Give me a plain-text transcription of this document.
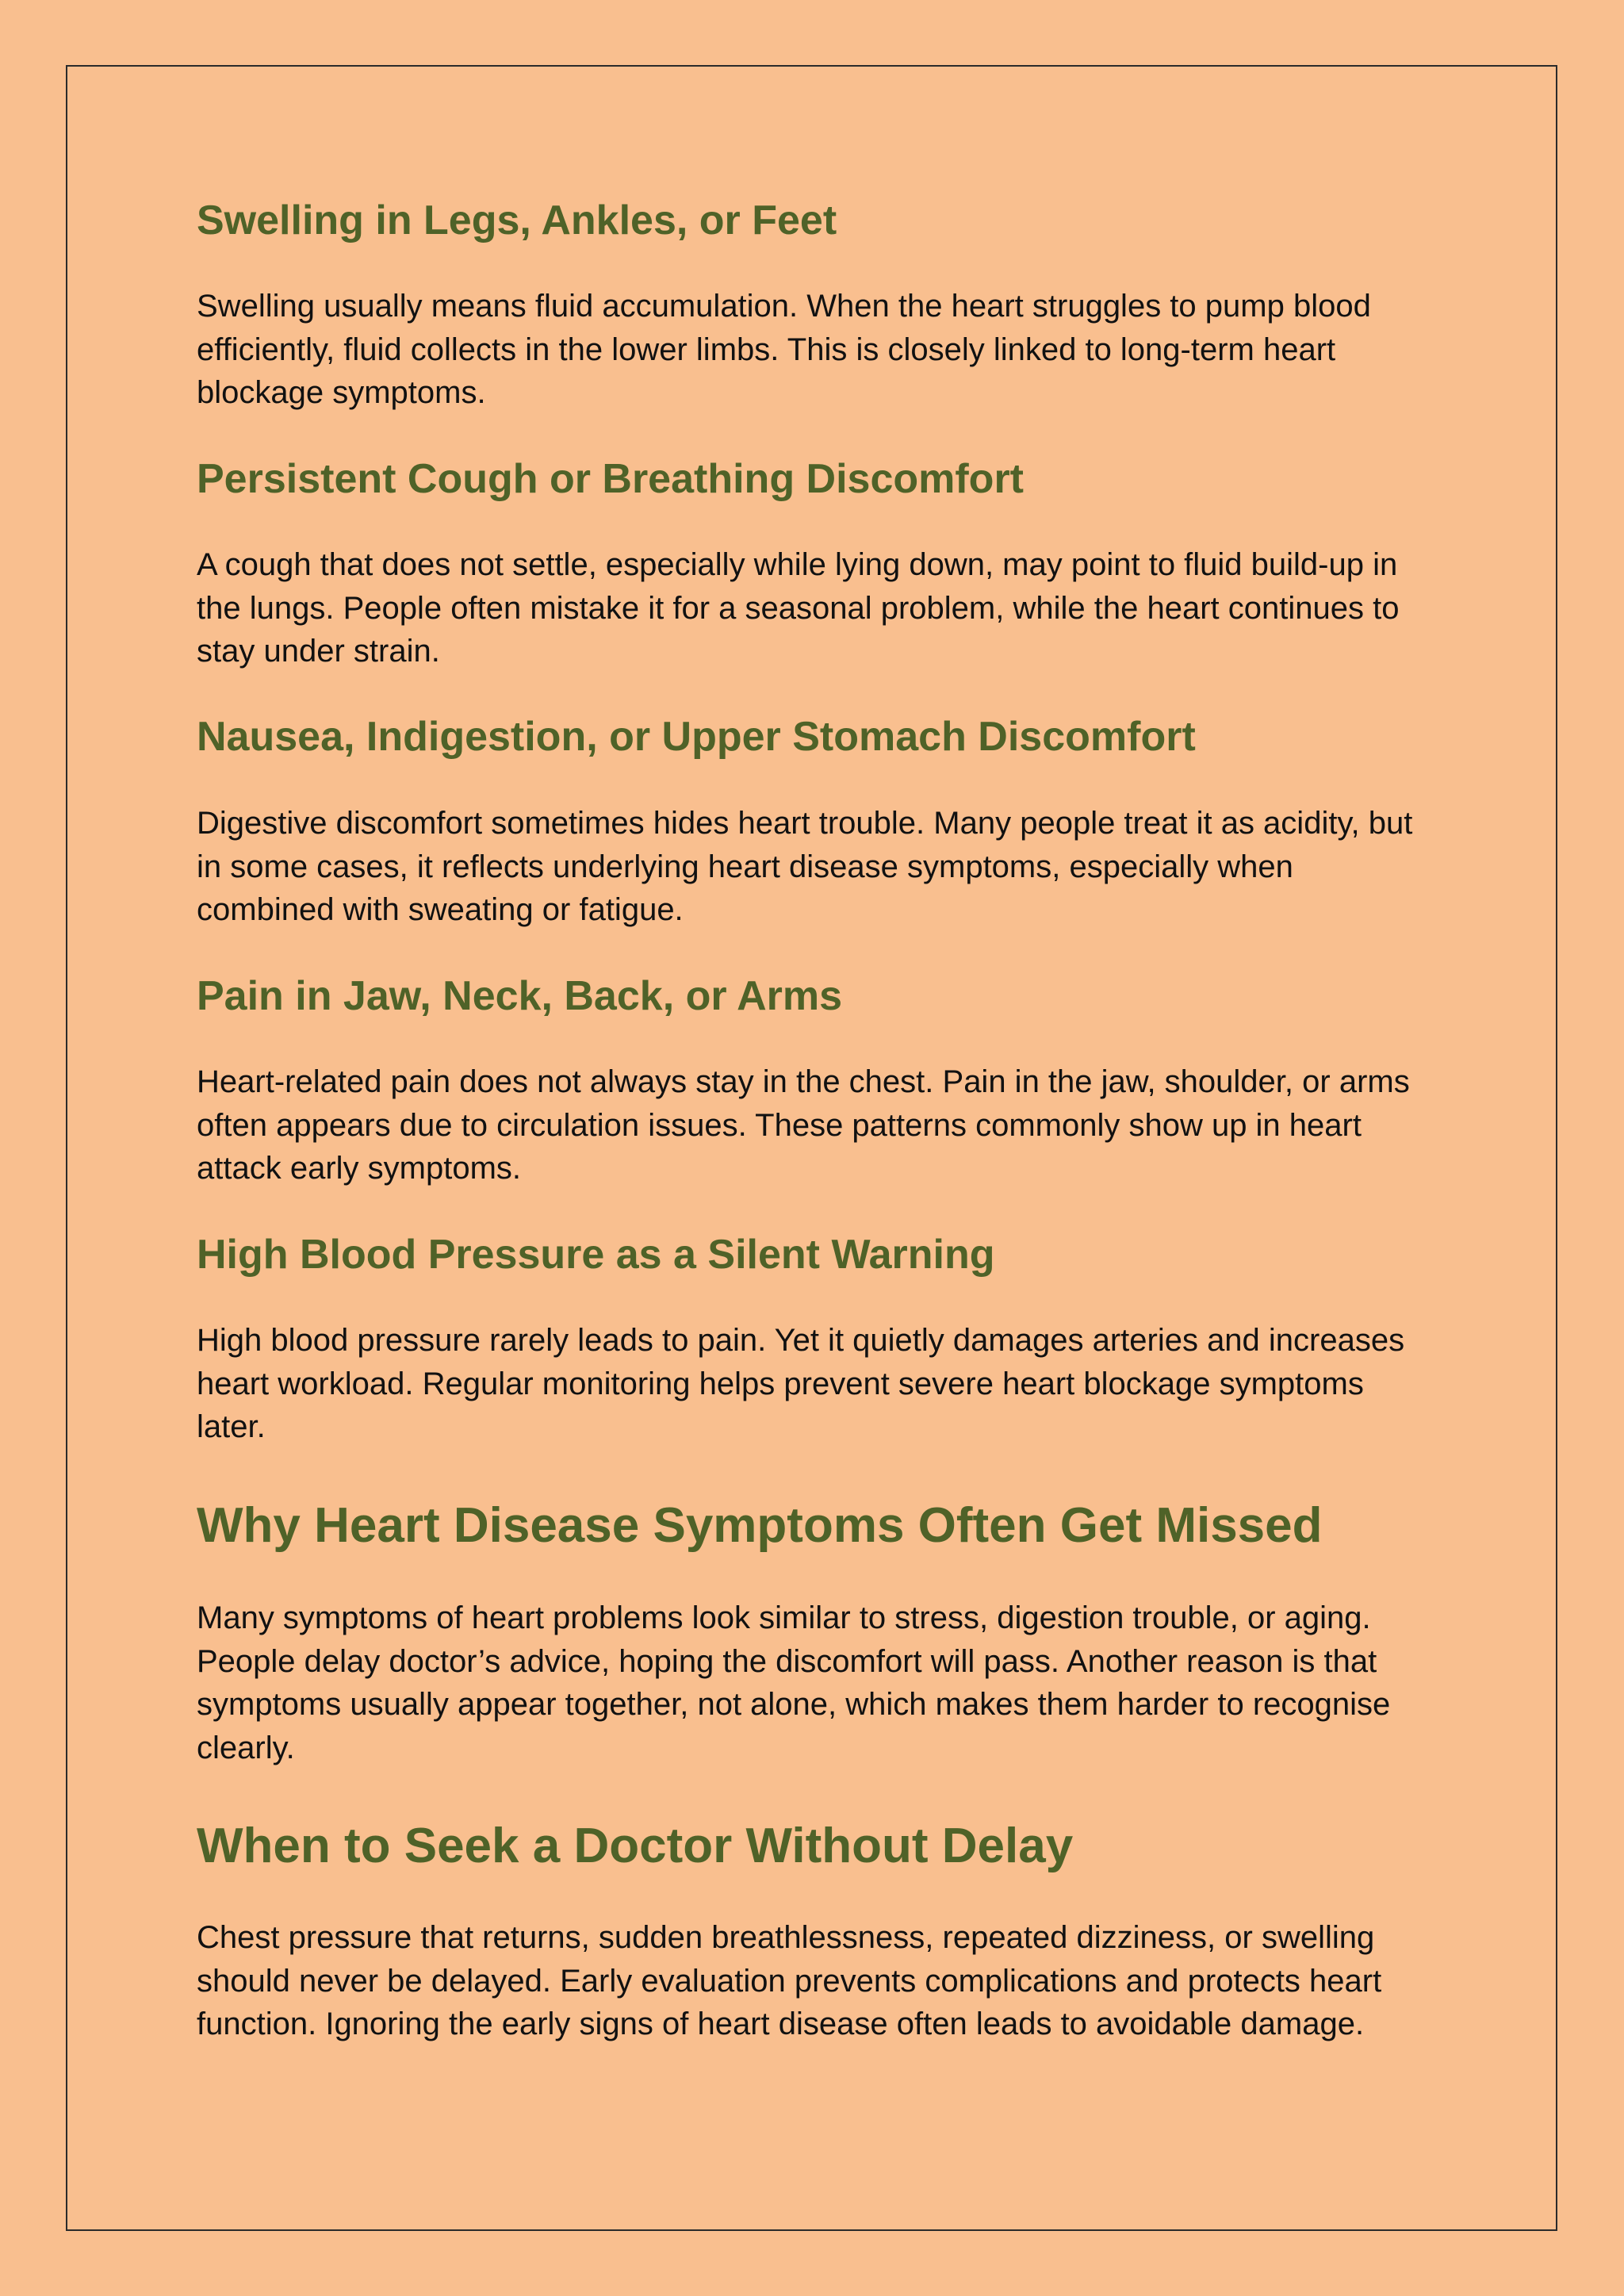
Swelling in Legs, Ankles, or Feet

Swelling usually means fluid accumulation. When the heart struggles to pump blood efficiently, fluid collects in the lower limbs. This is closely linked to long-term heart blockage symptoms.

Persistent Cough or Breathing Discomfort

A cough that does not settle, especially while lying down, may point to fluid build-up in the lungs. People often mistake it for a seasonal problem, while the heart continues to stay under strain.

Nausea, Indigestion, or Upper Stomach Discomfort

Digestive discomfort sometimes hides heart trouble. Many people treat it as acidity, but in some cases, it reflects underlying heart disease symptoms, especially when combined with sweating or fatigue.

Pain in Jaw, Neck, Back, or Arms

Heart-related pain does not always stay in the chest. Pain in the jaw, shoulder, or arms often appears due to circulation issues. These patterns commonly show up in heart attack early symptoms.

High Blood Pressure as a Silent Warning

High blood pressure rarely leads to pain. Yet it quietly damages arteries and increases heart workload. Regular monitoring helps prevent severe heart blockage symptoms later.

Why Heart Disease Symptoms Often Get Missed

Many symptoms of heart problems look similar to stress, digestion trouble, or aging. People delay doctor’s advice, hoping the discomfort will pass. Another reason is that symptoms usually appear together, not alone, which makes them harder to recognise clearly.

When to Seek a Doctor Without Delay

Chest pressure that returns, sudden breathlessness, repeated dizziness, or swelling should never be delayed. Early evaluation prevents complications and protects heart function. Ignoring the early signs of heart disease often leads to avoidable damage.
